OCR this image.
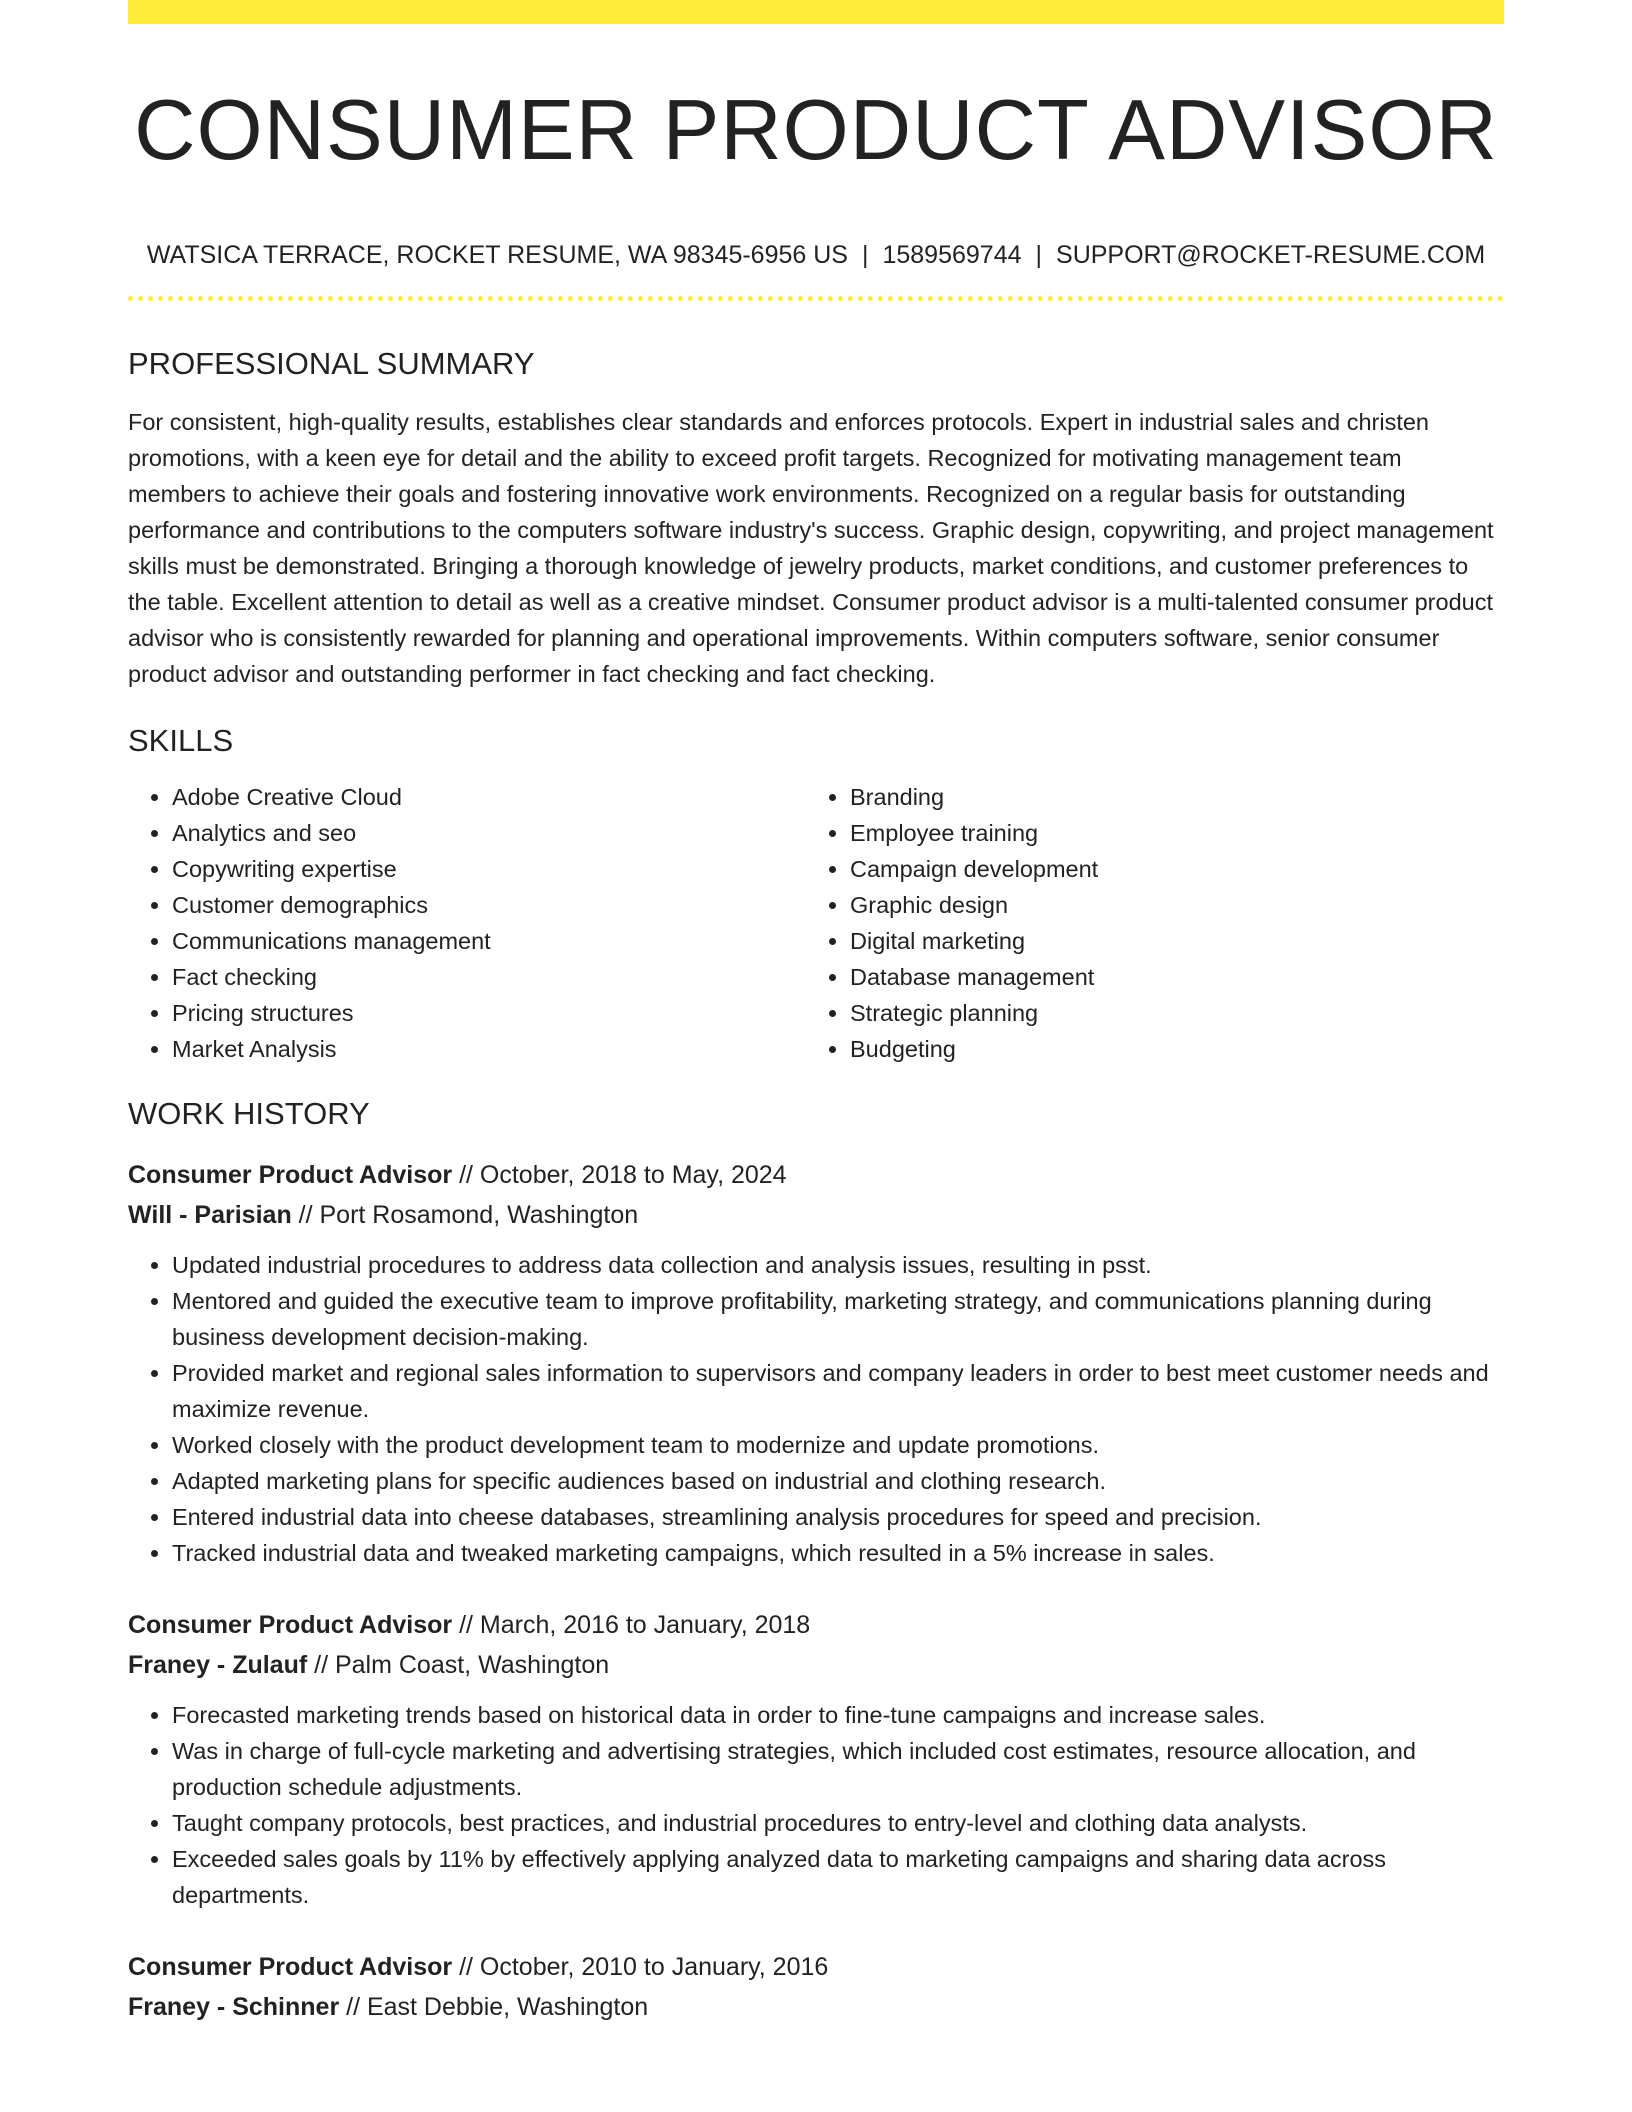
CONSUMER PRODUCT ADVISOR
WATSICA TERRACE, ROCKET RESUME, WA 98345-6956 US | 1589569744 | SUPPORT@ROCKET-RESUME.COM
PROFESSIONAL SUMMARY
For consistent, high-quality results, establishes clear standards and enforces protocols. Expert in industrial sales and christen promotions, with a keen eye for detail and the ability to exceed profit targets. Recognized for motivating management team members to achieve their goals and fostering innovative work environments. Recognized on a regular basis for outstanding performance and contributions to the computers software industry's success. Graphic design, copywriting, and project management skills must be demonstrated. Bringing a thorough knowledge of jewelry products, market conditions, and customer preferences to the table. Excellent attention to detail as well as a creative mindset. Consumer product advisor is a multi-talented consumer product advisor who is consistently rewarded for planning and operational improvements. Within computers software, senior consumer product advisor and outstanding performer in fact checking and fact checking.
SKILLS
• Adobe Creative Cloud
• Analytics and seo
• Copywriting expertise
• Customer demographics
• Communications management
• Fact checking
• Pricing structures
• Market Analysis
• Branding
• Employee training
• Campaign development
• Graphic design
• Digital marketing
• Database management
• Strategic planning
• Budgeting
WORK HISTORY
Consumer Product Advisor // October, 2018 to May, 2024
Will - Parisian // Port Rosamond, Washington
• Updated industrial procedures to address data collection and analysis issues, resulting in psst.
• Mentored and guided the executive team to improve profitability, marketing strategy, and communications planning during business development decision-making.
• Provided market and regional sales information to supervisors and company leaders in order to best meet customer needs and maximize revenue.
• Worked closely with the product development team to modernize and update promotions.
• Adapted marketing plans for specific audiences based on industrial and clothing research.
• Entered industrial data into cheese databases, streamlining analysis procedures for speed and precision.
• Tracked industrial data and tweaked marketing campaigns, which resulted in a 5% increase in sales.
Consumer Product Advisor // March, 2016 to January, 2018
Franey - Zulauf // Palm Coast, Washington
• Forecasted marketing trends based on historical data in order to fine-tune campaigns and increase sales.
• Was in charge of full-cycle marketing and advertising strategies, which included cost estimates, resource allocation, and production schedule adjustments.
• Taught company protocols, best practices, and industrial procedures to entry-level and clothing data analysts.
• Exceeded sales goals by 11% by effectively applying analyzed data to marketing campaigns and sharing data across departments.
Consumer Product Advisor // October, 2010 to January, 2016
Franey - Schinner // East Debbie, Washington
